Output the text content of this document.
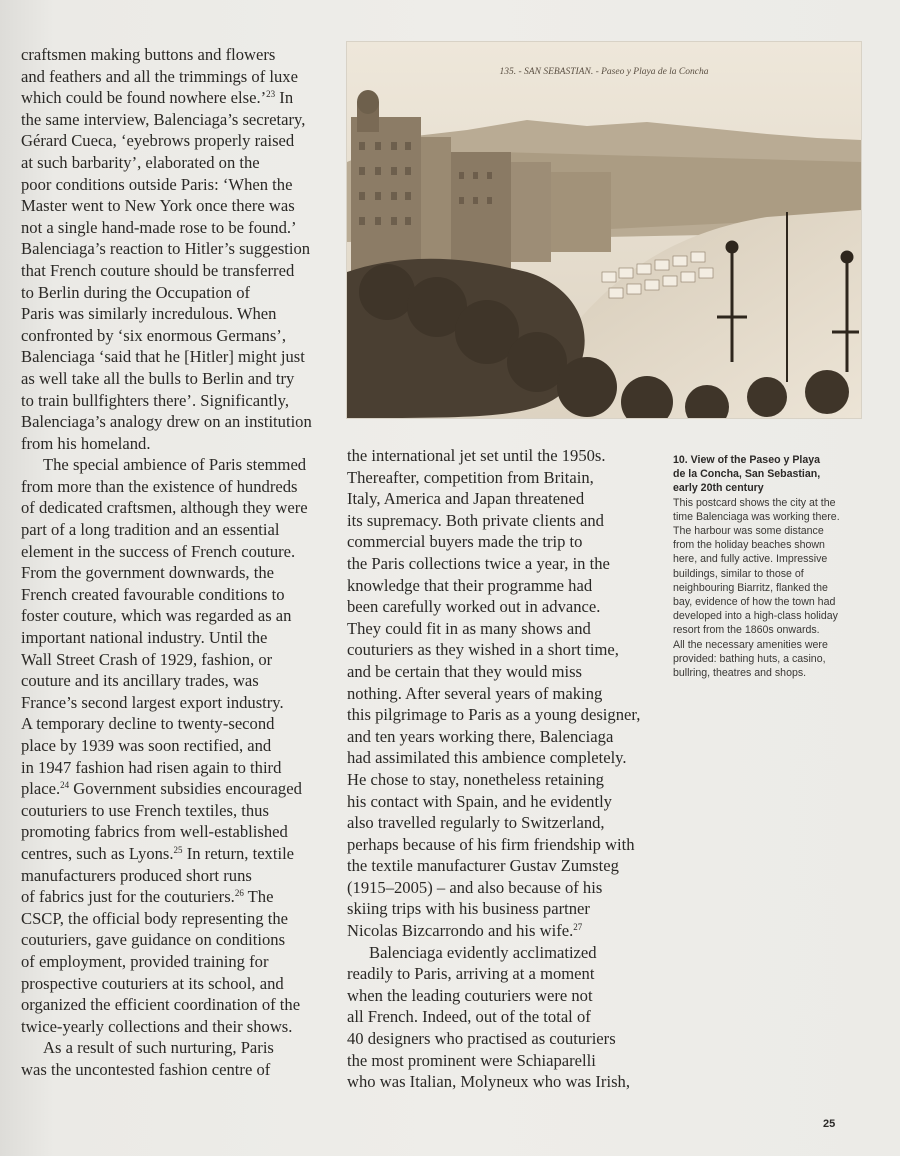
craftsmen making buttons and flowers
and feathers and all the trimmings of luxe
which could be found nowhere else.’$^{23}$ In
the same interview, Balenciaga’s secretary,
Gérard Cueca, ‘eyebrows properly raised
at such barbarity’, elaborated on the
poor conditions outside Paris: ‘When the
Master went to New York once there was
not a single hand-made rose to be found.’
Balenciaga’s reaction to Hitler’s suggestion
that French couture should be transferred
to Berlin during the Occupation of
Paris was similarly incredulous. When
confronted by ‘six enormous Germans’,
Balenciaga ‘said that he [Hitler] might just
as well take all the bulls to Berlin and try
to train bullfighters there’. Significantly,
Balenciaga’s analogy drew on an institution
from his homeland.
The special ambience of Paris stemmed
from more than the existence of hundreds
of dedicated craftsmen, although they were
part of a long tradition and an essential
element in the success of French couture.
From the government downwards, the
French created favourable conditions to
foster couture, which was regarded as an
important national industry. Until the
Wall Street Crash of 1929, fashion, or
couture and its ancillary trades, was
France’s second largest export industry.
A temporary decline to twenty-second
place by 1939 was soon rectified, and
in 1947 fashion had risen again to third
place.$^{24}$ Government subsidies encouraged
couturiers to use French textiles, thus
promoting fabrics from well-established
centres, such as Lyons.$^{25}$ In return, textile
manufacturers produced short runs
of fabrics just for the couturiers.$^{26}$ The
CSCP, the official body representing the
couturiers, gave guidance on conditions
of employment, provided training for
prospective couturiers at its school, and
organized the efficient coordination of the
twice-yearly collections and their shows.
As a result of such nurturing, Paris
was the uncontested fashion centre of
135. - SAN SEBASTIAN. - Paseo y Playa de la Concha
the international jet set until the 1950s.
Thereafter, competition from Britain,
Italy, America and Japan threatened
its supremacy. Both private clients and
commercial buyers made the trip to
the Paris collections twice a year, in the
knowledge that their programme had
been carefully worked out in advance.
They could fit in as many shows and
couturiers as they wished in a short time,
and be certain that they would miss
nothing. After several years of making
this pilgrimage to Paris as a young designer,
and ten years working there, Balenciaga
had assimilated this ambience completely.
He chose to stay, nonetheless retaining
his contact with Spain, and he evidently
also travelled regularly to Switzerland,
perhaps because of his firm friendship with
the textile manufacturer Gustav Zumsteg
(1915–2005) – and also because of his
skiing trips with his business partner
Nicolas Bizcarrondo and his wife.$^{27}$
Balenciaga evidently acclimatized
readily to Paris, arriving at a moment
when the leading couturiers were not
all French. Indeed, out of the total of
40 designers who practised as couturiers
the most prominent were Schiaparelli
who was Italian, Molyneux who was Irish,
10. View of the Paseo y Playa
de la Concha, San Sebastian,
early 20th century
This postcard shows the city at the
time Balenciaga was working there.
The harbour was some distance
from the holiday beaches shown
here, and fully active. Impressive
buildings, similar to those of
neighbouring Biarritz, flanked the
bay, evidence of how the town had
developed into a high-class holiday
resort from the 1860s onwards.
All the necessary amenities were
provided: bathing huts, a casino,
bullring, theatres and shops.
25
